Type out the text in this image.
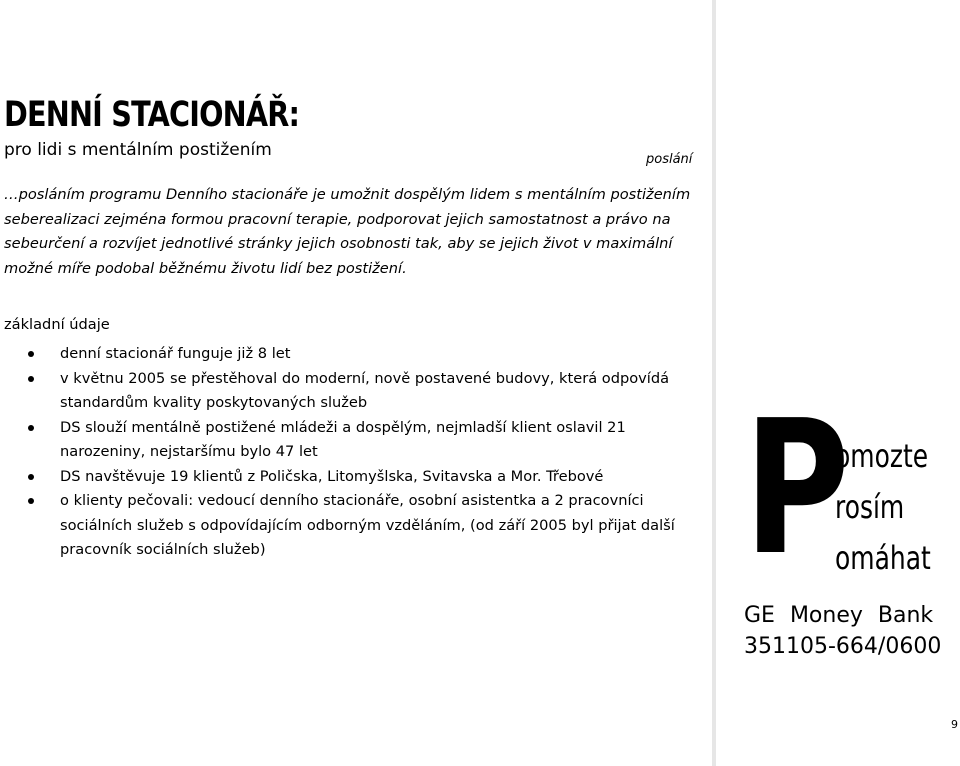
DENNÍ STACIONÁŘ:
pro lidi s mentálním postižením	poslání

…posláním programu Denního stacionáře je umožnit dospělým lidem s mentálním postižením seberealizaci zejména formou pracovní terapie, podporovat jejich samostatnost a právo na sebeurčení a rozvíjet jednotlivé stránky jejich osobnosti tak, aby se jejich život v maximální možné míře podobal běžnému životu lidí bez postižení.

základní údaje
denní stacionář funguje již 8 let
v květnu 2005 se přestěhoval do moderní, nově postavené budovy, která odpovídá standardům kvality poskytovaných služeb
DS slouží mentálně postižené mládeži a dospělým, nejmladší klient oslavil 21 narozeniny, nejstaršímu bylo 47 let
DS navštěvuje 19 klientů z Poličska, Litomyšlska, Svitavska a Mor. Třebové
o klienty pečovali: vedoucí denního stacionáře, osobní asistentka a 2 pracovníci sociálních služeb s odpovídajícím odborným vzděláním, (od září 2005 byl přijat další pracovník sociálních služeb)	P
omozte
rosím
omáhat
GE Money Bank
351105-664/0600
9
